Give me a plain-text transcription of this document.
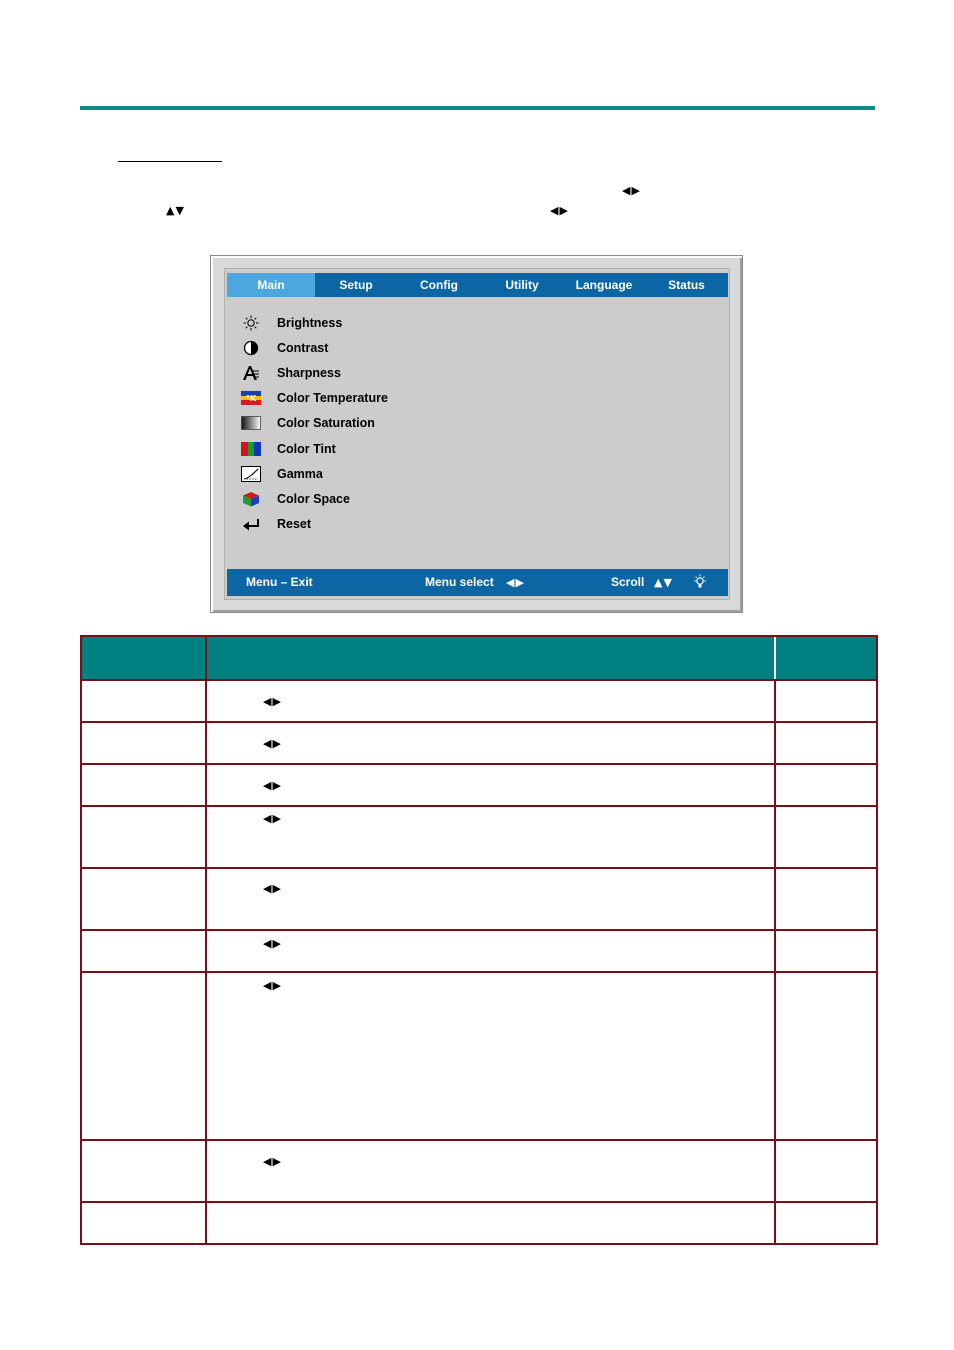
◀▶
▲▼	◀▶
Main	Setup	Config	Utility	Language	Status
Brightness
Contrast
Sharpness
°K Color Temperature
Color Saturation
Color Tint
Gamma
Color Space
Reset
Menu – Exit	Menu select ◀▶	Scroll ▲▼
◀▶
◀▶
◀▶
◀▶
◀▶
◀▶
◀▶
◀▶
